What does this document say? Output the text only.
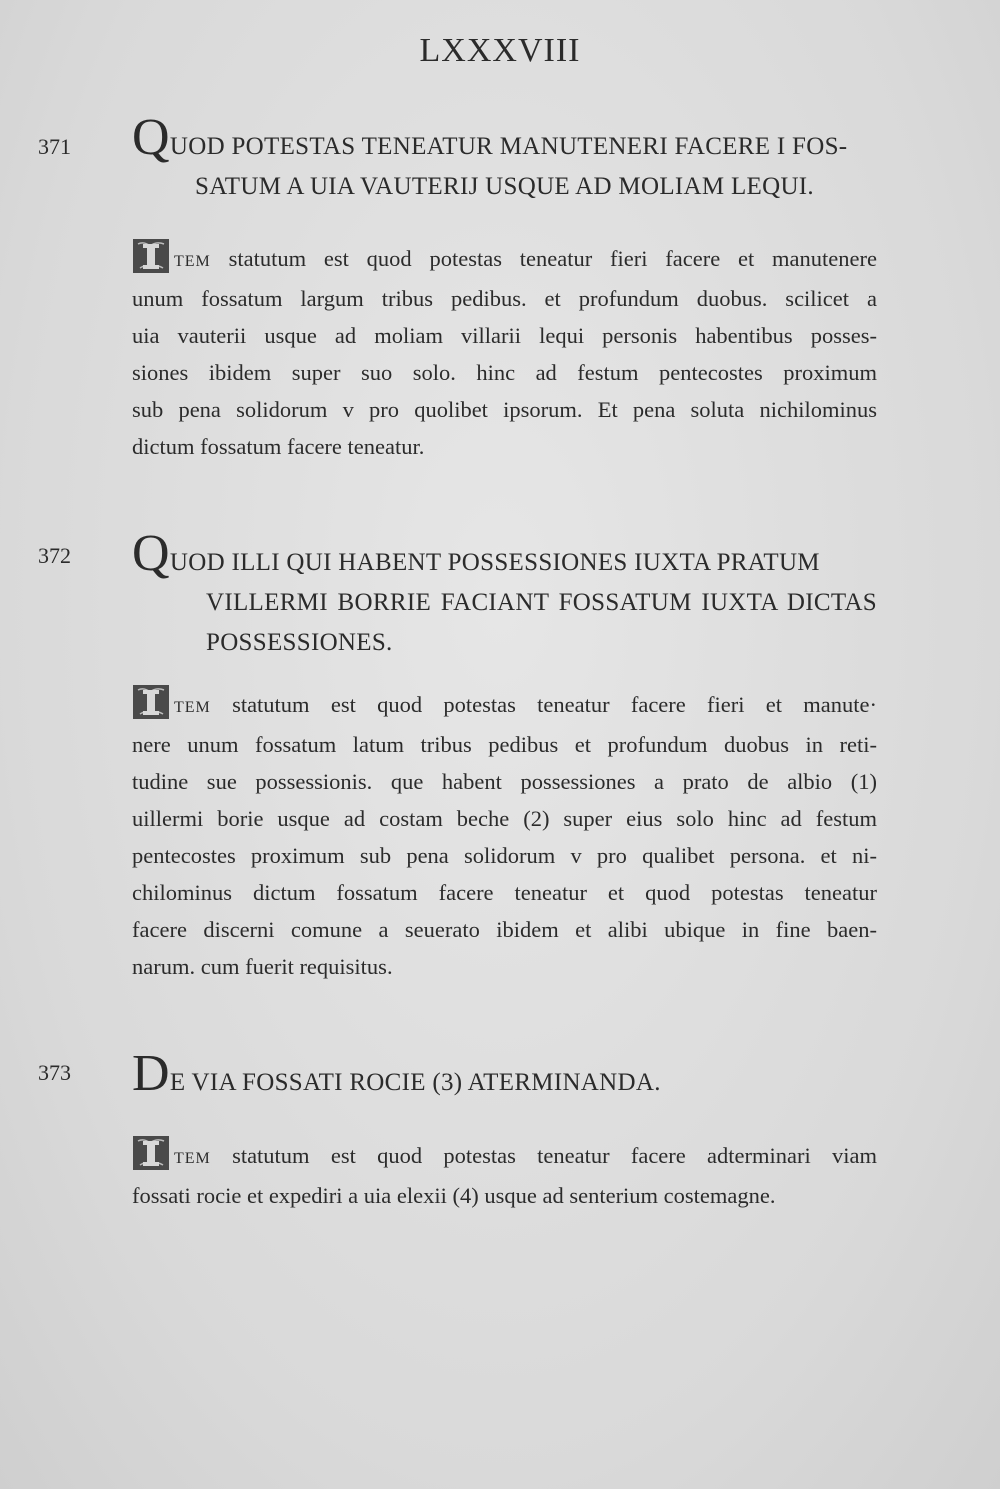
LXXXVIII
371 QUOD POTESTAS TENEATUR MANUTENERI FACERE I FOS-
SATUM A UIA VAUTERIJ USQUE AD MOLIAM LEQUI.
TEM statutum est quod potestas teneatur fieri facere et manutenere
unum fossatum largum tribus pedibus. et profundum duobus. scilicet a
uia vauterii usque ad moliam villarii lequi personis habentibus posses-
siones ibidem super suo solo. hinc ad festum pentecostes proximum
sub pena solidorum v pro quolibet ipsorum. Et pena soluta nichilominus
dictum fossatum facere teneatur.
372 QUOD ILLI QUI HABENT POSSESSIONES IUXTA PRATUM
VILLERMI BORRIE FACIANT FOSSATUM IUXTA DICTAS
POSSESSIONES.
TEM statutum est quod potestas teneatur facere fieri et manute·
nere unum fossatum latum tribus pedibus et profundum duobus in reti-
tudine sue possessionis. que habent possessiones a prato de albio (1)
uillermi borie usque ad costam beche (2) super eius solo hinc ad festum
pentecostes proximum sub pena solidorum v pro qualibet persona. et ni-
chilominus dictum fossatum facere teneatur et quod potestas teneatur
facere discerni comune a seuerato ibidem et alibi ubique in fine baen-
narum. cum fuerit requisitus.
373 DE VIA FOSSATI ROCIE (3) ATERMINANDA.
TEM statutum est quod potestas teneatur facere adterminari viam
fossati rocie et expediri a uia elexii (4) usque ad senterium costemagne.
